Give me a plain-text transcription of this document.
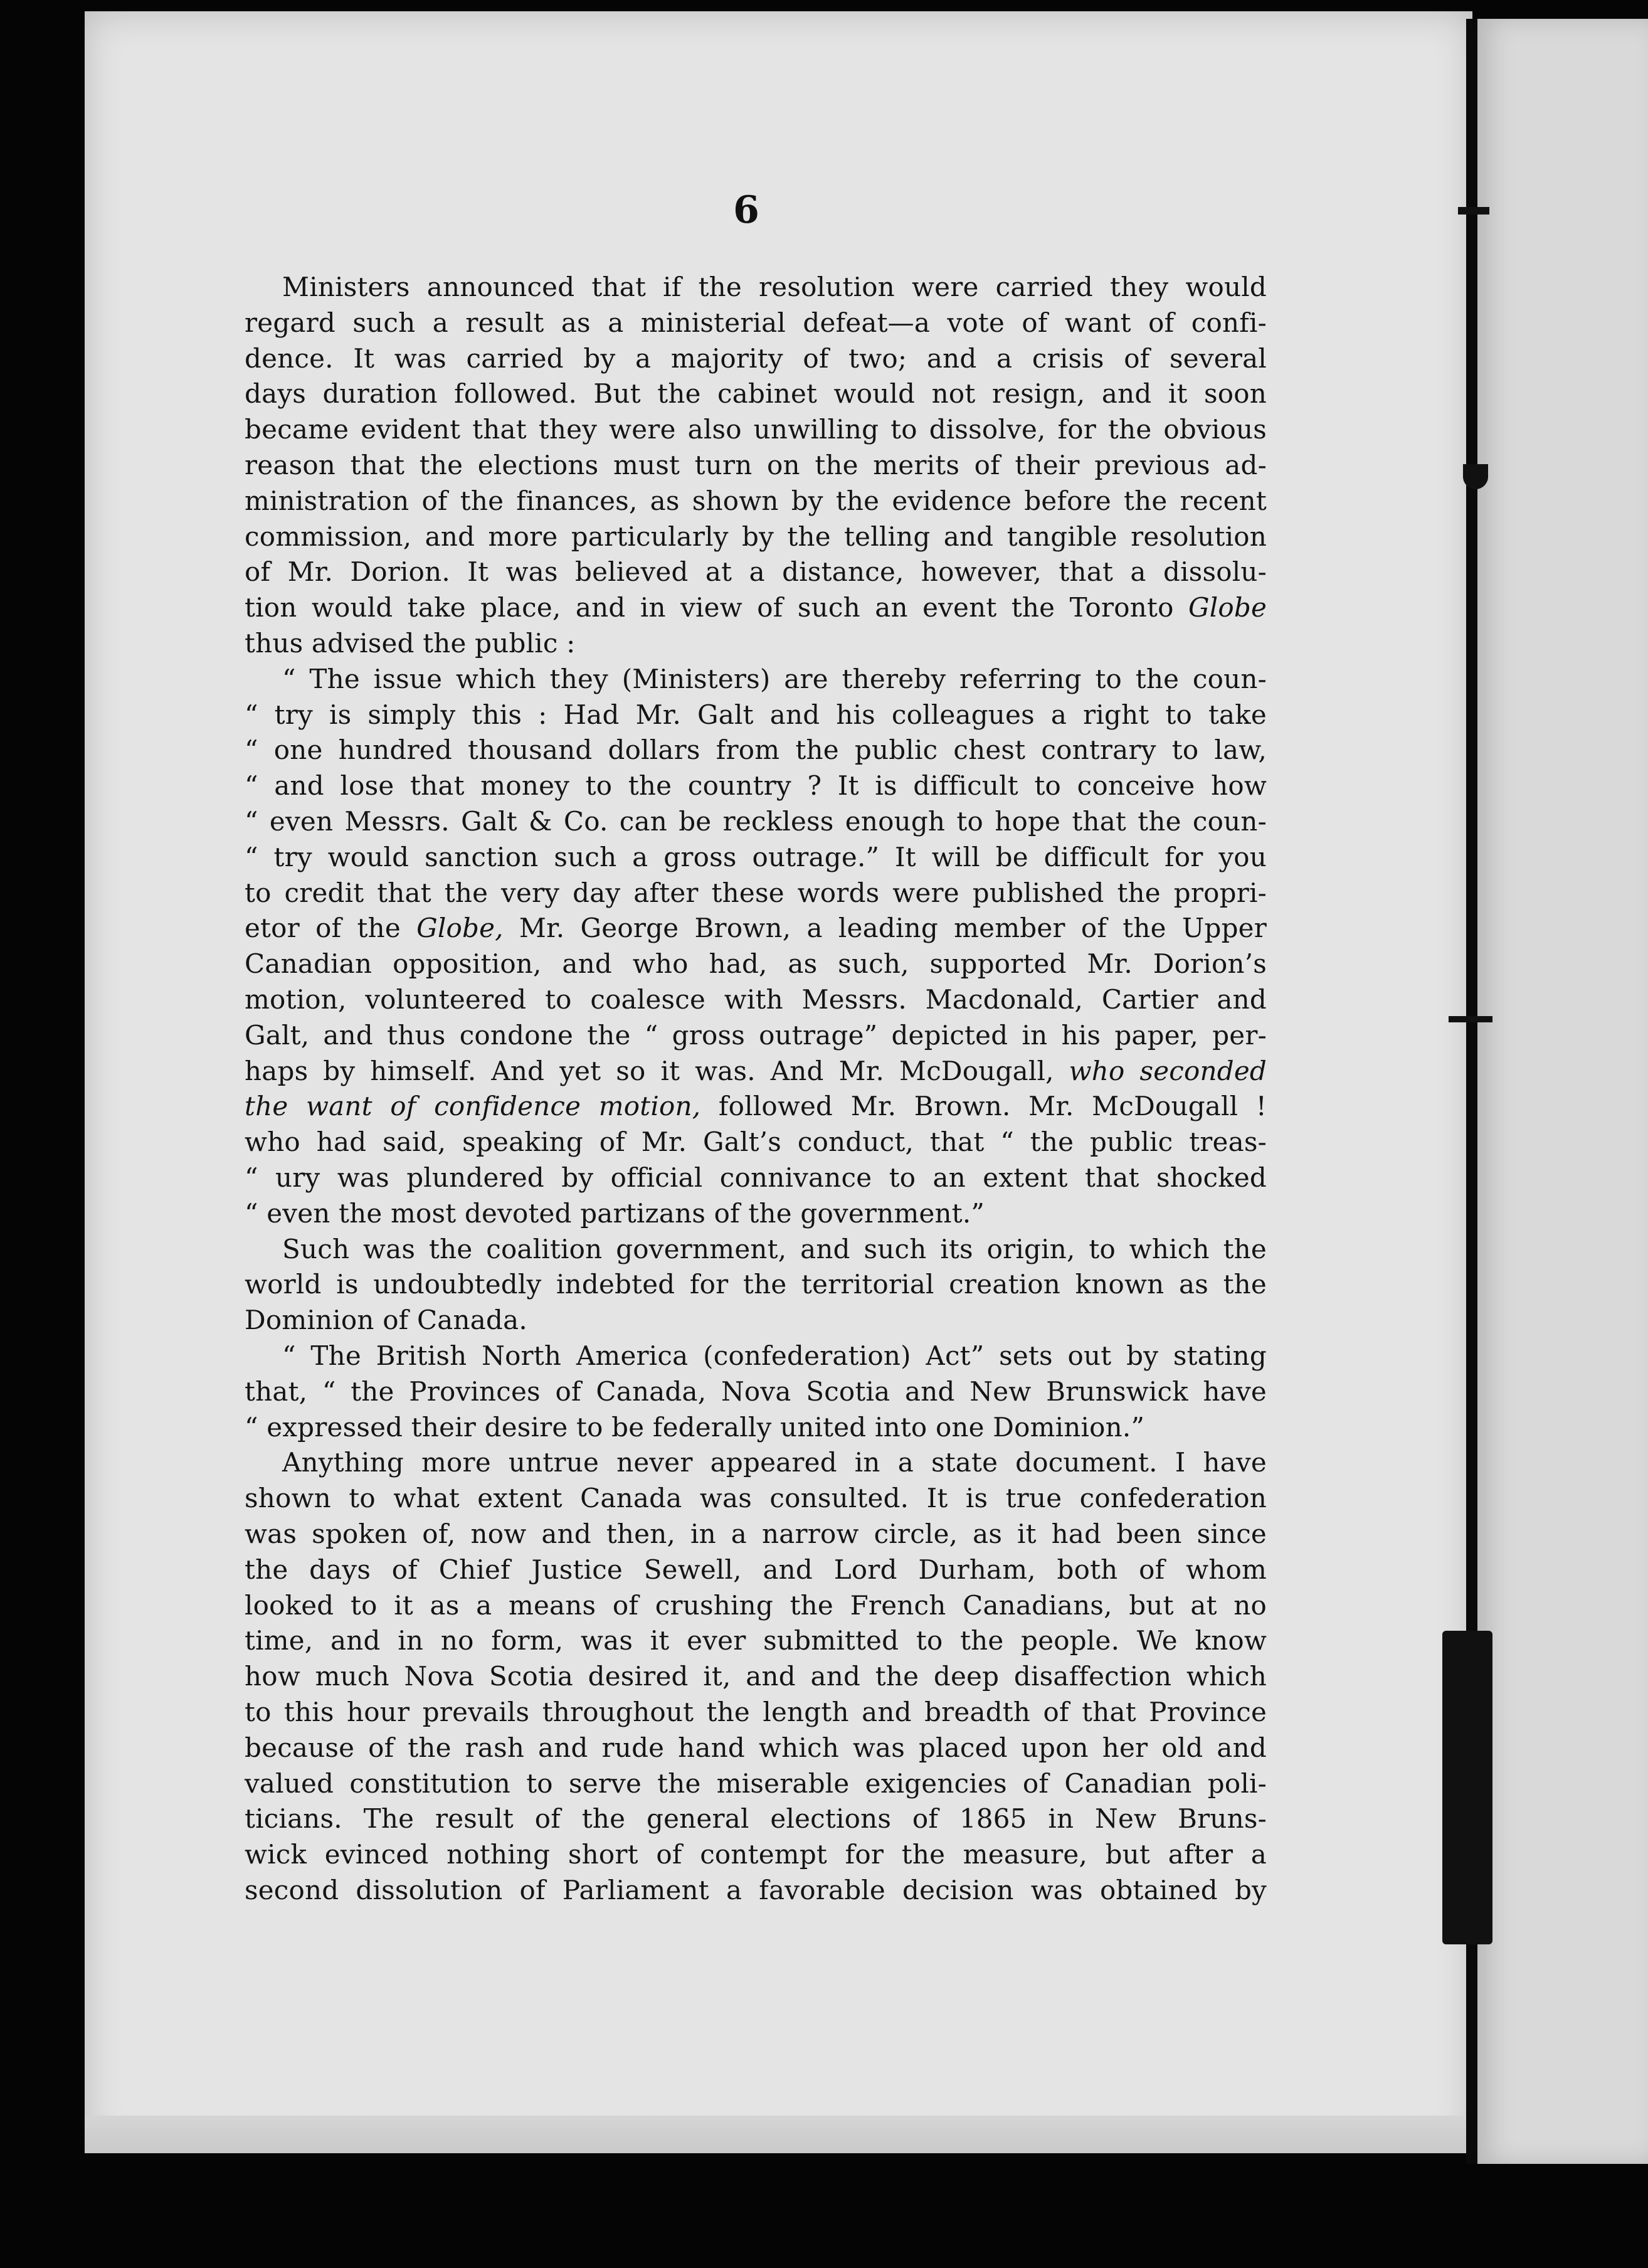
6
Ministers announced that if the resolution were carried they would
regard such a result as a ministerial defeat—a vote of want of confi-
dence. It was carried by a majority of two; and a crisis of several
days duration followed. But the cabinet would not resign, and it soon
became evident that they were also unwilling to dissolve, for the obvious
reason that the elections must turn on the merits of their previous ad-
ministration of the finances, as shown by the evidence before the recent
commission, and more particularly by the telling and tangible resolution
of Mr. Dorion. It was believed at a distance, however, that a dissolu-
tion would take place, and in view of such an event the Toronto Globe
thus advised the public :
“ The issue which they (Ministers) are thereby referring to the coun-
“ try is simply this : Had Mr. Galt and his colleagues a right to take
“ one hundred thousand dollars from the public chest contrary to law,
“ and lose that money to the country ? It is difficult to conceive how
“ even Messrs. Galt & Co. can be reckless enough to hope that the coun-
“ try would sanction such a gross outrage.” It will be difficult for you
to credit that the very day after these words were published the propri-
etor of the Globe, Mr. George Brown, a leading member of the Upper
Canadian opposition, and who had, as such, supported Mr. Dorion’s
motion, volunteered to coalesce with Messrs. Macdonald, Cartier and
Galt, and thus condone the “ gross outrage” depicted in his paper, per-
haps by himself. And yet so it was. And Mr. McDougall, who seconded
the want of confidence motion, followed Mr. Brown. Mr. McDougall !
who had said, speaking of Mr. Galt’s conduct, that “ the public treas-
“ ury was plundered by official connivance to an extent that shocked
“ even the most devoted partizans of the government.”
Such was the coalition government, and such its origin, to which the
world is undoubtedly indebted for the territorial creation known as the
Dominion of Canada.
“ The British North America (confederation) Act” sets out by stating
that, “ the Provinces of Canada, Nova Scotia and New Brunswick have
“ expressed their desire to be federally united into one Dominion.”
Anything more untrue never appeared in a state document. I have
shown to what extent Canada was consulted. It is true confederation
was spoken of, now and then, in a narrow circle, as it had been since
the days of Chief Justice Sewell, and Lord Durham, both of whom
looked to it as a means of crushing the French Canadians, but at no
time, and in no form, was it ever submitted to the people. We know
how much Nova Scotia desired it, and and the deep disaffection which
to this hour prevails throughout the length and breadth of that Province
because of the rash and rude hand which was placed upon her old and
valued constitution to serve the miserable exigencies of Canadian poli-
ticians. The result of the general elections of 1865 in New Bruns-
wick evinced nothing short of contempt for the measure, but after a
second dissolution of Parliament a favorable decision was obtained by
